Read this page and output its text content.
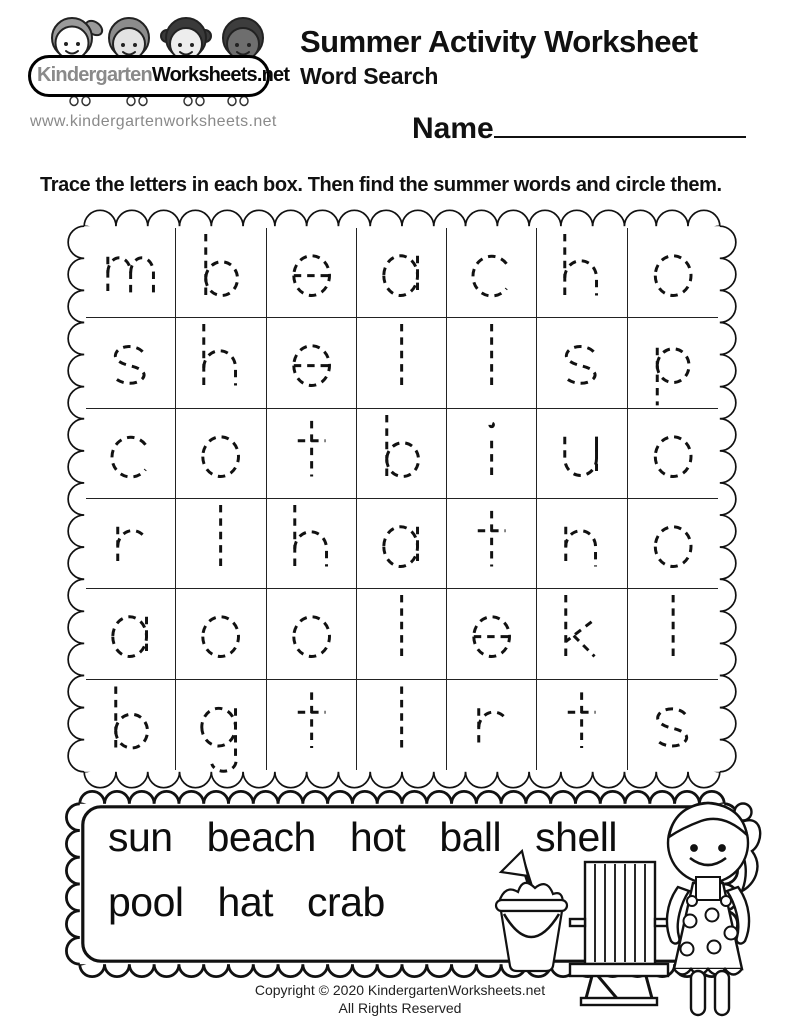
KindergartenWorksheets.net
www.kindergartenworksheets.net
Summer Activity Worksheet
Word Search
Name
Trace the letters in each box. Then find the summer words and circle them.
sun beach hot ball shell
pool hat crab
Copyright © 2020 KindergartenWorksheets.net
All Rights Reserved
